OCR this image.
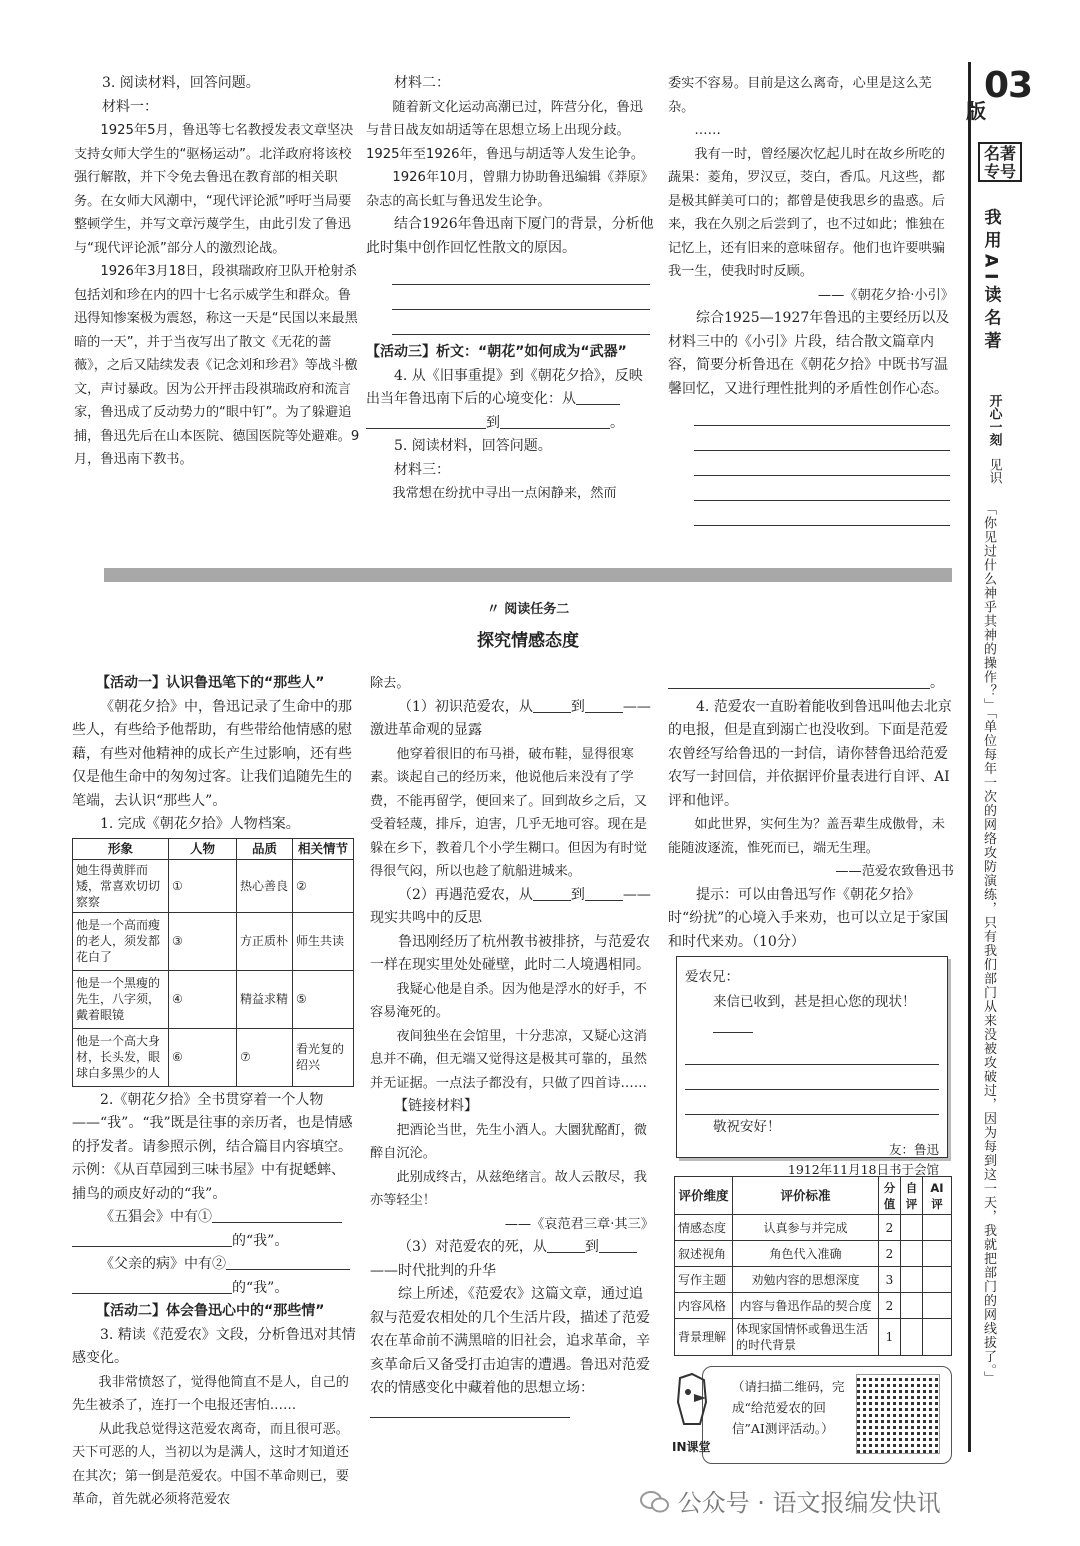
3. 阅读材料，回答问题。

材料一：

1925年5月，鲁迅等七名教授发表文章坚决支持女师大学生的“驱杨运动”。北洋政府将该校强行解散，并下令免去鲁迅在教育部的相关职务。在女师大风潮中，“现代评论派”呼吁当局要整顿学生，并写文章污蔑学生，由此引发了鲁迅与“现代评论派”部分人的激烈论战。

1926年3月18日，段祺瑞政府卫队开枪射杀包括刘和珍在内的四十七名示威学生和群众。鲁迅得知惨案极为震怒，称这一天是“民国以来最黑暗的一天”，并于当夜写出了散文《无花的蔷薇》，之后又陆续发表《记念刘和珍君》等战斗檄文，声讨暴政。因为公开抨击段祺瑞政府和流言家，鲁迅成了反动势力的“眼中钉”。为了躲避追捕，鲁迅先后在山本医院、德国医院等处避难。9月，鲁迅南下教书。

材料二：

随着新文化运动高潮已过，阵营分化，鲁迅与昔日战友如胡适等在思想立场上出现分歧。1925年至1926年，鲁迅与胡适等人发生论争。

1926年10月，曾鼎力协助鲁迅编辑《莽原》杂志的高长虹与鲁迅发生论争。

结合1926年鲁迅南下厦门的背景，分析他此时集中创作回忆性散文的原因。

【活动三】析文：“朝花”如何成为“武器”

4. 从《旧事重提》到《朝花夕拾》，反映出当年鲁迅南下后的心境变化：从
到	。

5. 阅读材料，回答问题。

材料三：

我常想在纷扰中寻出一点闲静来，然而

委实不容易。目前是这么离奇，心里是这么芜杂。

……

我有一时，曾经屡次忆起儿时在故乡所吃的蔬果：菱角，罗汉豆，茭白，香瓜。凡这些，都是极其鲜美可口的；都曾是使我思乡的蛊惑。后来，我在久别之后尝到了，也不过如此；惟独在记忆上，还有旧来的意味留存。他们也许要哄骗我一生，使我时时反顾。

——《朝花夕拾·小引》

综合1925—1927年鲁迅的主要经历以及材料三中的《小引》片段，结合散文篇章内容，简要分析鲁迅在《朝花夕拾》中既书写温馨回忆，又进行理性批判的矛盾性创作心态。

03
版
名著专号
我用AI读名著
开心一刻
见识
「你见过什么神乎其神的操作？」「单位每年一次的网络攻防演练，只有我们部门从来没被攻破过，因为每到这一天，我就把部门的网线拔了。」
〃 阅读任务二
探究情感态度

【活动一】认识鲁迅笔下的“那些人”

《朝花夕拾》中，鲁迅记录了生命中的那些人，有些给予他帮助，有些带给他情感的慰藉，有些对他精神的成长产生过影响，还有些仅是他生命中的匆匆过客。让我们追随先生的笔端，去认识“那些人”。

1. 完成《朝花夕拾》人物档案。

形象	人物	品质	相关情节
她生得黄胖而矮，常喜欢切切察察	①	热心善良	②
他是一个高而瘦的老人，须发都花白了	③	方正质朴	师生共读
他是一个黑瘦的先生，八字须，戴着眼镜	④	精益求精	⑤
他是一个高大身材，长头发，眼球白多黑少的人	⑥	⑦	看光复的绍兴

2.《朝花夕拾》全书贯穿着一个人物——“我”。“我”既是往事的亲历者，也是情感的抒发者。请参照示例，结合篇目内容填空。示例：《从百草园到三味书屋》中有捉蟋蟀、捕鸟的顽皮好动的“我”。

《五猖会》中有①

的“我”。

《父亲的病》中有②

的“我”。

【活动二】体会鲁迅心中的“那些情”

3. 精读《范爱农》文段，分析鲁迅对其情感变化。

我非常愤怒了，觉得他简直不是人，自己的先生被杀了，连打一个电报还害怕……

从此我总觉得这范爱农离奇，而且很可恶。天下可恶的人，当初以为是满人，这时才知道还在其次；第一倒是范爱农。中国不革命则已，要革命，首先就必须将范爱农

除去。

（1）初识范爱农，从	到	——激进革命观的显露

他穿着很旧的布马褂，破布鞋，显得很寒素。谈起自己的经历来，他说他后来没有了学费，不能再留学，便回来了。回到故乡之后，又受着轻蔑，排斥，迫害，几乎无地可容。现在是躲在乡下，教着几个小学生糊口。但因为有时觉得很气闷，所以也趁了航船进城来。

（2）再遇范爱农，从	到	——现实共鸣中的反思

鲁迅刚经历了杭州教书被排挤，与范爱农一样在现实里处处碰壁，此时二人境遇相同。

我疑心他是自杀。因为他是浮水的好手，不容易淹死的。

夜间独坐在会馆里，十分悲凉，又疑心这消息并不确，但无端又觉得这是极其可靠的，虽然并无证据。一点法子都没有，只做了四首诗……

【链接材料】

把酒论当世，先生小酒人。大圜犹酩酊，微醉自沉沦。

此别成终古，从兹绝绪言。故人云散尽，我亦等轻尘！

——《哀范君三章·其三》

（3）对范爱农的死，从	到——时代批判的升华

综上所述，《范爱农》这篇文章，通过追叙与范爱农相处的几个生活片段，描述了范爱农在革命前不满黑暗的旧社会，追求革命，辛亥革命后又备受打击迫害的遭遇。鲁迅对范爱农的情感变化中藏着他的思想立场：

。

4. 范爱农一直盼着能收到鲁迅叫他去北京的电报，但是直到溺亡也没收到。下面是范爱农曾经写给鲁迅的一封信，请你替鲁迅给范爱农写一封回信，并依据评价量表进行自评、AI评和他评。

如此世界，实何生为？盖吾辈生成傲骨，未能随波逐流，惟死而已，端无生理。

——范爱农致鲁迅书

提示：可以由鲁迅写作《朝花夕拾》时“纷扰”的心境入手来劝，也可以立足于家国和时代来劝。（10分）

爱农兄：
来信已收到，甚是担心您的现状！
敬祝安好！
友：鲁迅
1912年11月18日书于会馆
评价维度	评价标准	分值	自评	AI评
情感态度	认真参与并完成	2		
叙述视角	角色代入准确	2		
写作主题	劝勉内容的思想深度	3		
内容风格	内容与鲁迅作品的契合度	2		
背景理解	体现家国情怀或鲁迅生活的时代背景	1		
IN课堂
（请扫描二维码，完成“给范爱农的回信”AI测评活动。）
公众号 · 语文报编发快讯
